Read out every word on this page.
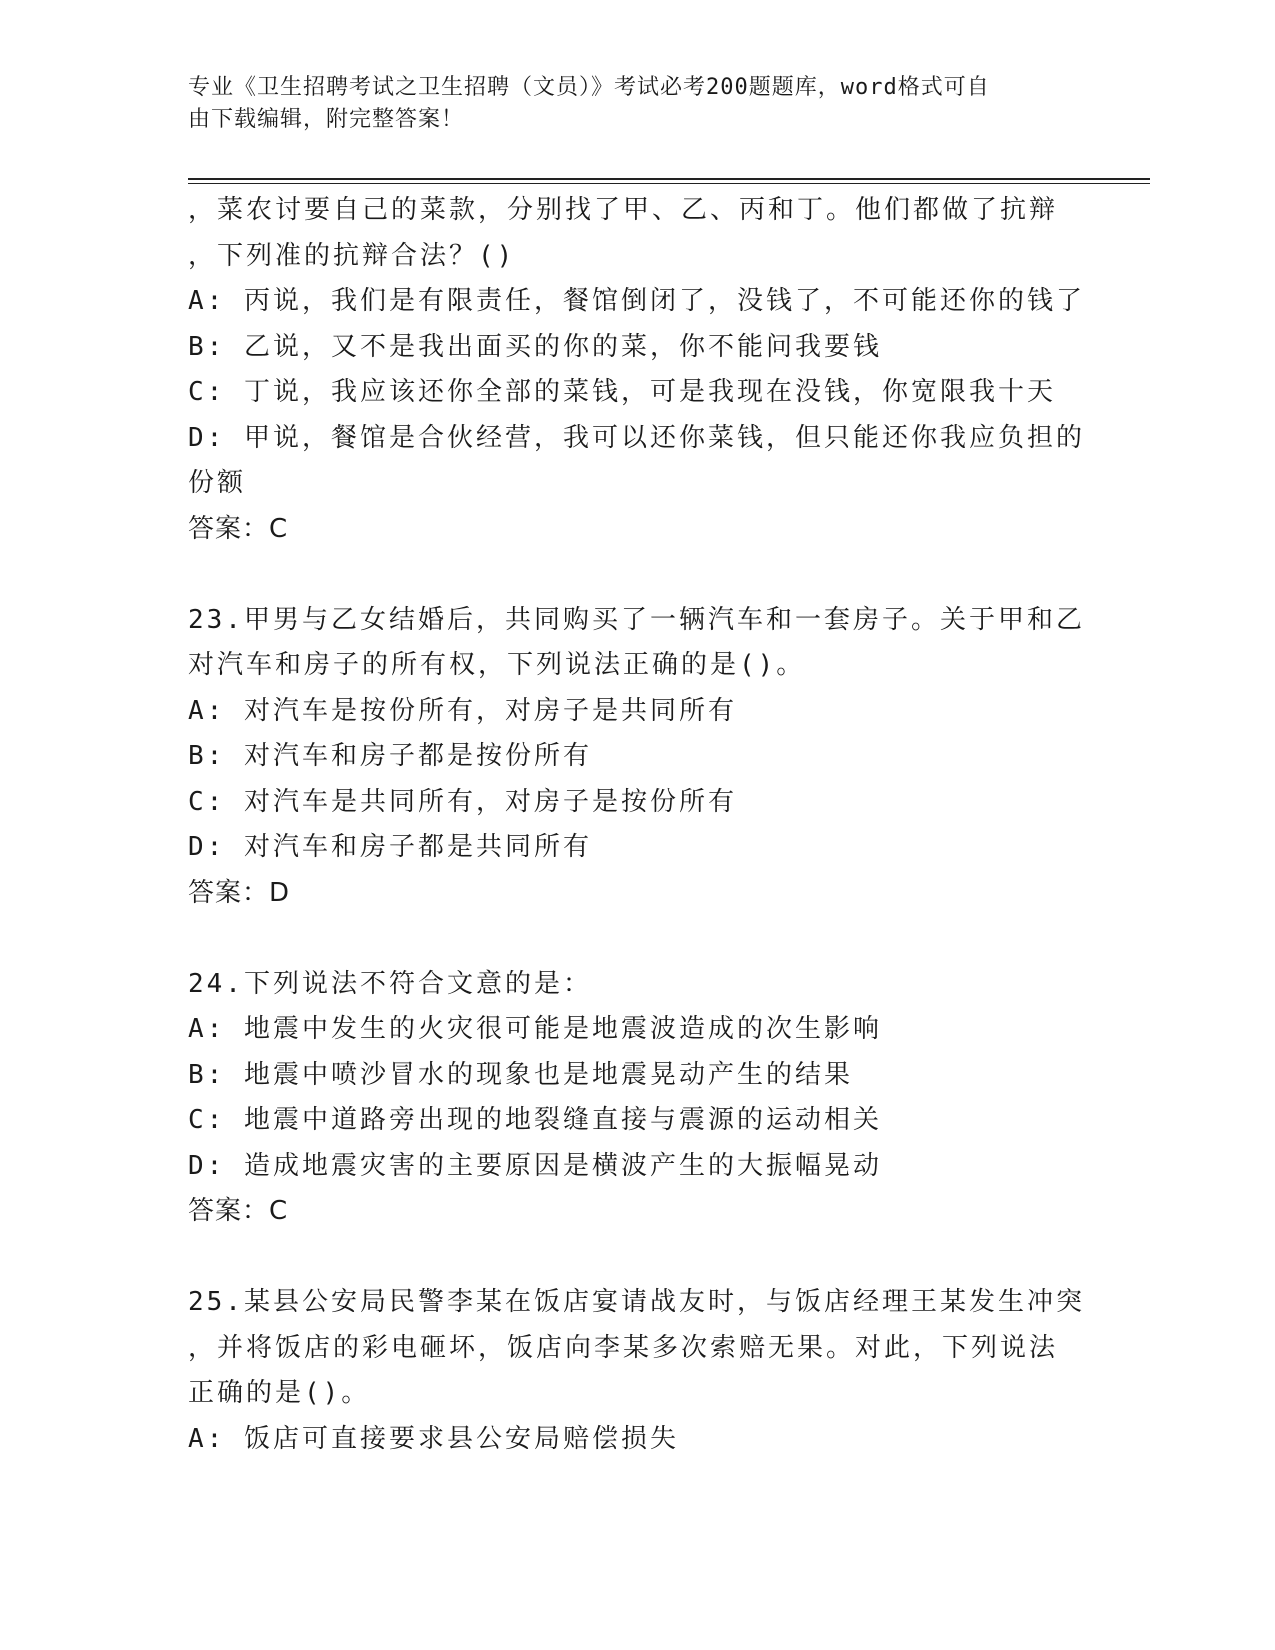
专业《卫生招聘考试之卫生招聘（文员）》考试必考200题题库，word格式可自
由下载编辑，附完整答案！
，菜农讨要自己的菜款，分别找了甲、乙、丙和丁。他们都做了抗辩
，下列准的抗辩合法？()
A: 丙说，我们是有限责任，餐馆倒闭了，没钱了，不可能还你的钱了
B: 乙说，又不是我出面买的你的菜，你不能问我要钱
C: 丁说，我应该还你全部的菜钱，可是我现在没钱，你宽限我十天
D: 甲说，餐馆是合伙经营，我可以还你菜钱，但只能还你我应负担的
份额
答案：C
23.甲男与乙女结婚后，共同购买了一辆汽车和一套房子。关于甲和乙
对汽车和房子的所有权，下列说法正确的是()。
A: 对汽车是按份所有，对房子是共同所有
B: 对汽车和房子都是按份所有
C: 对汽车是共同所有，对房子是按份所有
D: 对汽车和房子都是共同所有
答案：D
24.下列说法不符合文意的是：
A: 地震中发生的火灾很可能是地震波造成的次生影响
B: 地震中喷沙冒水的现象也是地震晃动产生的结果
C: 地震中道路旁出现的地裂缝直接与震源的运动相关
D: 造成地震灾害的主要原因是横波产生的大振幅晃动
答案：C
25.某县公安局民警李某在饭店宴请战友时，与饭店经理王某发生冲突
，并将饭店的彩电砸坏，饭店向李某多次索赔无果。对此，下列说法
正确的是()。
A: 饭店可直接要求县公安局赔偿损失
